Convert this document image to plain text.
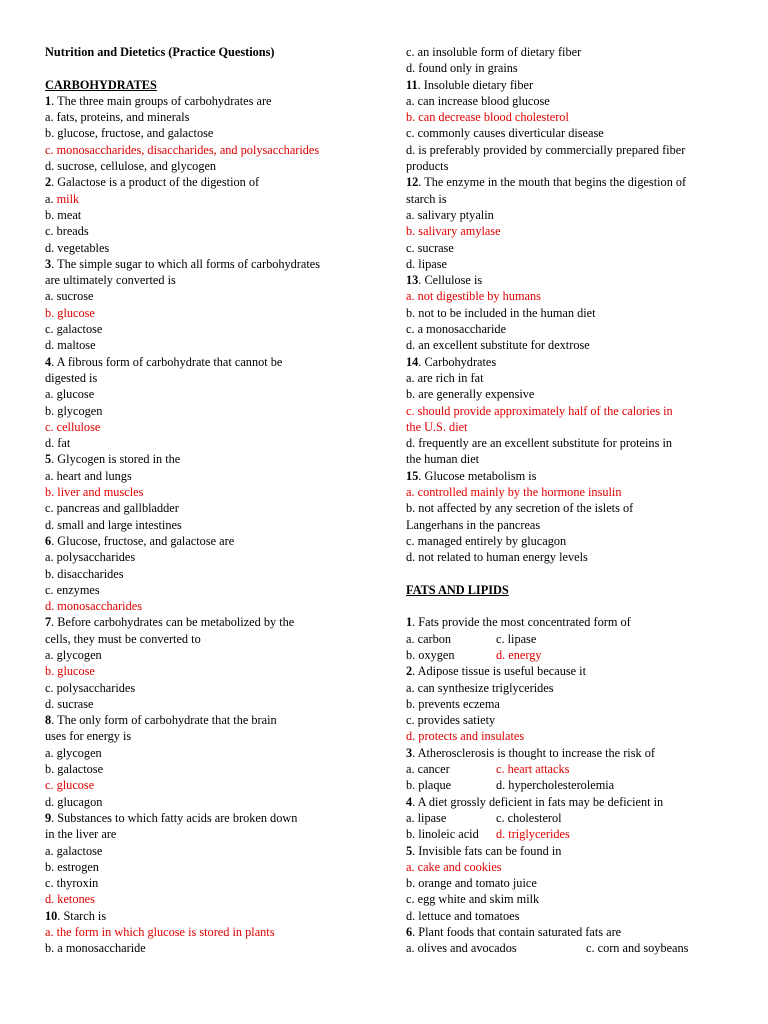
Nutrition and Dietetics (Practice Questions)
CARBOHYDRATES
1. The three main groups of carbohydrates are
a. fats, proteins, and minerals
b. glucose, fructose, and galactose
c. monosaccharides, disaccharides, and polysaccharides
d. sucrose, cellulose, and glycogen
2. Galactose is a product of the digestion of
a. milk
b. meat
c. breads
d. vegetables
3. The simple sugar to which all forms of carbohydrates
are ultimately converted is
a. sucrose
b. glucose
c. galactose
d. maltose
4. A fibrous form of carbohydrate that cannot be
digested is
a. glucose
b. glycogen
c. cellulose
d. fat
5. Glycogen is stored in the
a. heart and lungs
b. liver and muscles
c. pancreas and gallbladder
d. small and large intestines
6. Glucose, fructose, and galactose are
a. polysaccharides
b. disaccharides
c. enzymes
d. monosaccharides
7. Before carbohydrates can be metabolized by the
cells, they must be converted to
a. glycogen
b. glucose
c. polysaccharides
d. sucrase
8. The only form of carbohydrate that the brain
uses for energy is
a. glycogen
b. galactose
c. glucose
d. glucagon
9. Substances to which fatty acids are broken down
in the liver are
a. galactose
b. estrogen
c. thyroxin
d. ketones
10. Starch is
a. the form in which glucose is stored in plants
b. a monosaccharide
c. an insoluble form of dietary fiber
d. found only in grains
11. Insoluble dietary fiber
a. can increase blood glucose
b. can decrease blood cholesterol
c. commonly causes diverticular disease
d. is preferably provided by commercially prepared fiber
products
12. The enzyme in the mouth that begins the digestion of
starch is
a. salivary ptyalin
b. salivary amylase
c. sucrase
d. lipase
13. Cellulose is
a. not digestible by humans
b. not to be included in the human diet
c. a monosaccharide
d. an excellent substitute for dextrose
14. Carbohydrates
a. are rich in fat
b. are generally expensive
c. should provide approximately half of the calories in
the U.S. diet
d. frequently are an excellent substitute for proteins in
the human diet
15. Glucose metabolism is
a. controlled mainly by the hormone insulin
b. not affected by any secretion of the islets of
Langerhans in the pancreas
c. managed entirely by glucagon
d. not related to human energy levels
FATS AND LIPIDS
1. Fats provide the most concentrated form of
a. carbon	c. lipase
b. oxygen	d. energy
2. Adipose tissue is useful because it
a. can synthesize triglycerides
b. prevents eczema
c. provides satiety
d. protects and insulates
3. Atherosclerosis is thought to increase the risk of
a. cancer	c. heart attacks
b. plaque	d. hypercholesterolemia
4. A diet grossly deficient in fats may be deficient in
a. lipase	c. cholesterol
b. linoleic acid d. triglycerides
5. Invisible fats can be found in
a. cake and cookies
b. orange and tomato juice
c. egg white and skim milk
d. lettuce and tomatoes
6. Plant foods that contain saturated fats are
a. olives and avocados	c. corn and soybeans
